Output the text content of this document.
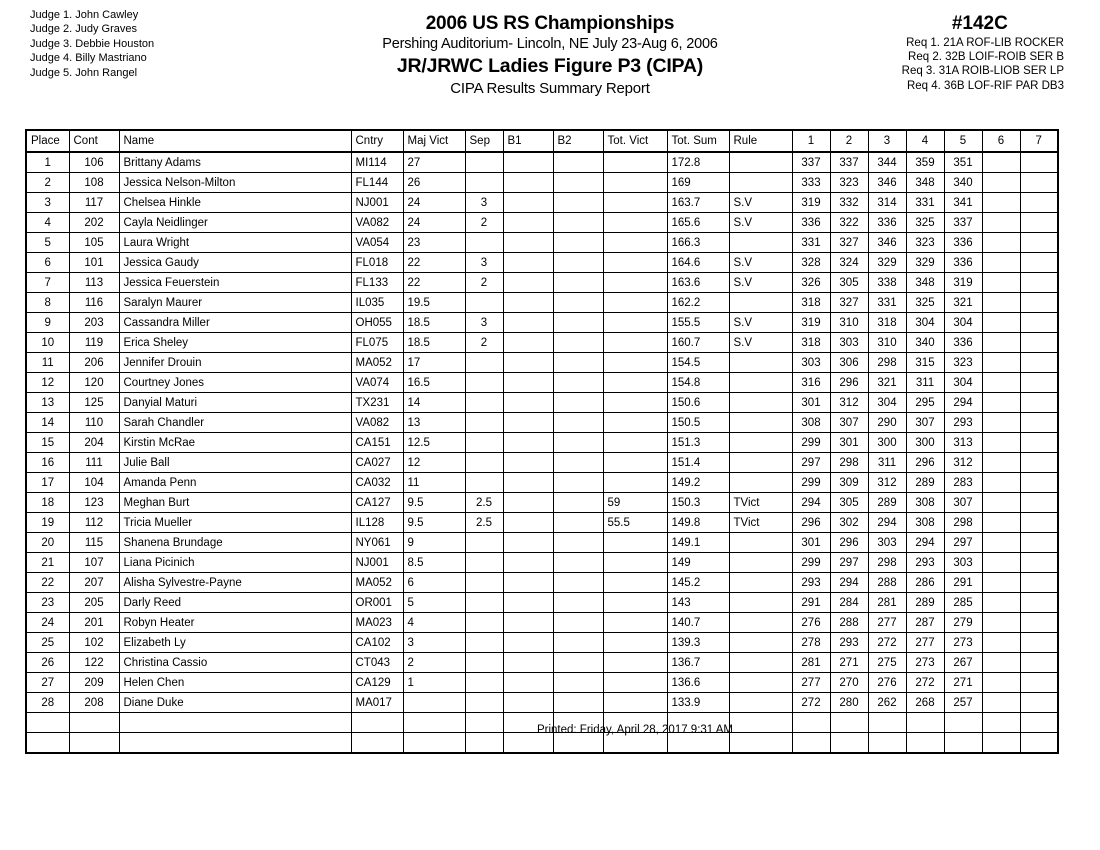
Judge 1. John Cawley
Judge 2. Judy Graves
Judge 3. Debbie Houston
Judge 4. Billy Mastriano
Judge 5. John Rangel
2006 US RS Championships
Pershing Auditorium- Lincoln, NE July 23-Aug 6, 2006
JR/JRWC Ladies Figure P3 (CIPA)
CIPA Results Summary Report
#142C
Req 1. 21A ROF-LIB ROCKER
Req 2. 32B LOIF-ROIB SER B
Req 3. 31A ROIB-LIOB SER LP
Req 4. 36B LOF-RIF PAR DB3
Place	Cont	Name	Cntry	Maj Vict	Sep	B1	B2	Tot. Vict	Tot. Sum	Rule	1	2	3	4	5	6	7
1	106	Brittany Adams	MI114	27					172.8		337	337	344	359	351		
2	108	Jessica Nelson-Milton	FL144	26					169		333	323	346	348	340		
3	117	Chelsea Hinkle	NJ001	24	3				163.7	S.V	319	332	314	331	341		
4	202	Cayla Neidlinger	VA082	24	2				165.6	S.V	336	322	336	325	337		
5	105	Laura Wright	VA054	23					166.3		331	327	346	323	336		
6	101	Jessica Gaudy	FL018	22	3				164.6	S.V	328	324	329	329	336		
7	113	Jessica Feuerstein	FL133	22	2				163.6	S.V	326	305	338	348	319		
8	116	Saralyn Maurer	IL035	19.5					162.2		318	327	331	325	321		
9	203	Cassandra Miller	OH055	18.5	3				155.5	S.V	319	310	318	304	304		
10	119	Erica Sheley	FL075	18.5	2				160.7	S.V	318	303	310	340	336		
11	206	Jennifer Drouin	MA052	17					154.5		303	306	298	315	323		
12	120	Courtney Jones	VA074	16.5					154.8		316	296	321	311	304		
13	125	Danyial Maturi	TX231	14					150.6		301	312	304	295	294		
14	110	Sarah Chandler	VA082	13					150.5		308	307	290	307	293		
15	204	Kirstin McRae	CA151	12.5					151.3		299	301	300	300	313		
16	111	Julie Ball	CA027	12					151.4		297	298	311	296	312		
17	104	Amanda Penn	CA032	11					149.2		299	309	312	289	283		
18	123	Meghan Burt	CA127	9.5	2.5			59	150.3	TVict	294	305	289	308	307		
19	112	Tricia Mueller	IL128	9.5	2.5			55.5	149.8	TVict	296	302	294	308	298		
20	115	Shanena Brundage	NY061	9					149.1		301	296	303	294	297		
21	107	Liana Picinich	NJ001	8.5					149		299	297	298	293	303		
22	207	Alisha Sylvestre-Payne	MA052	6					145.2		293	294	288	286	291		
23	205	Darly Reed	OR001	5					143		291	284	281	289	285		
24	201	Robyn Heater	MA023	4					140.7		276	288	277	287	279		
25	102	Elizabeth Ly	CA102	3					139.3		278	293	272	277	273		
26	122	Christina Cassio	CT043	2					136.7		281	271	275	273	267		
27	209	Helen Chen	CA129	1					136.6		277	270	276	272	271		
28	208	Diane Duke	MA017						133.9		272	280	262	268	257		

Printed: Friday, April 28, 2017 9:31 AM
